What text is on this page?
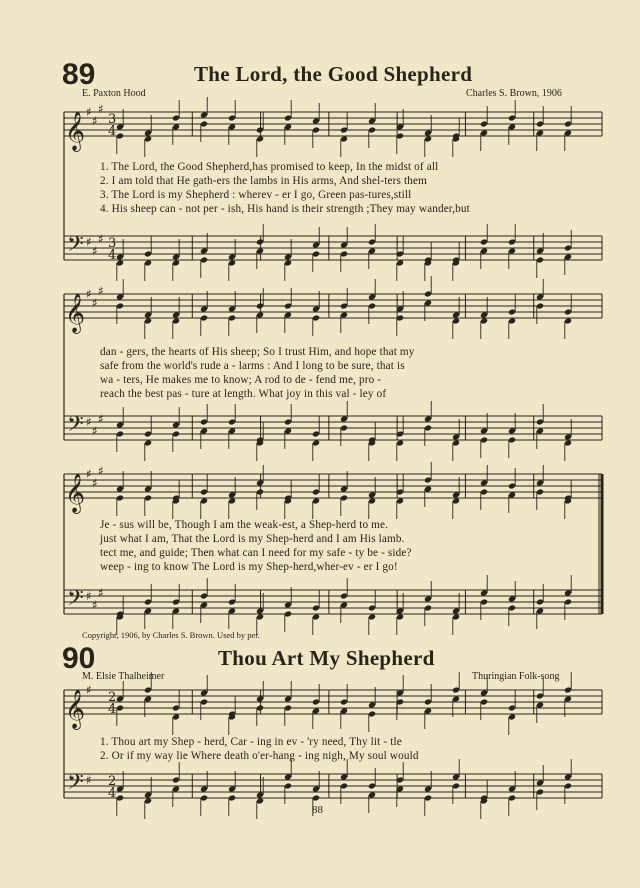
𝄞
𝄢
♯
♯
♯
♯
♯
♯
3
4
3
4
𝄞
𝄢
♯
♯
♯
♯
♯
♯
𝄞
𝄢
♯
♯
♯
♯
♯
♯
𝄞
𝄢
♯
♯
2
4
2
4
89	The Lord, the Good Shepherd
E. Paxton Hood	Charles S. Brown, 1906
1. The Lord, the Good Shepherd,has promised to keep, In the midst of all
2. I am told that He gath-ers the lambs in His arms, And shel-ters them
3. The Lord is my Shepherd : wherev - er I go, Green pas-tures,still
4. His sheep can - not per - ish, His hand is their strength ;They may wander,but
dan - gers, the hearts of His sheep; So I trust Him, and hope that my
safe from the world's rude a - larms : And I long to be sure, that is
wa - ters, He makes me to know; A rod to de - fend me, pro -
reach the best pas - ture at length. What joy in this val - ley of
Je - sus will be, Though I am the weak-est, a Shep-herd to me.
just what I am, That the Lord is my Shep-herd and I am His lamb.
tect me, and guide; Then what can I need for my safe - ty be - side?
weep - ing to know The Lord is my Shep-herd,wher-ev - er I go!
Copyright, 1906, by Charles S. Brown. Used by per.
90	Thou Art My Shepherd
M. Elsie Thalheimer	Thuringian Folk-song
1. Thou art my Shep - herd, Car - ing in ev - 'ry need, Thy lit - tle
2. Or if my way lie Where death o'er-hang - ing nigh, My soul would
88
